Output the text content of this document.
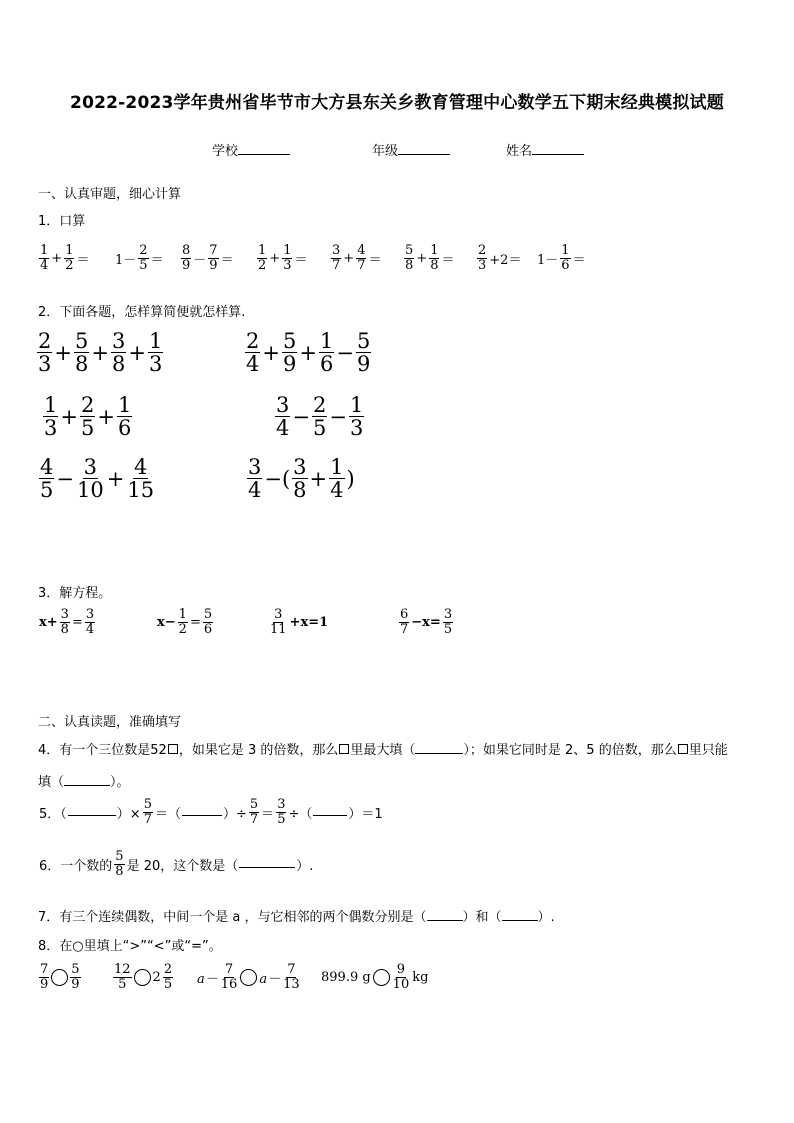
2022-2023学年贵州省毕节市大方县东关乡教育管理中心数学五下期末经典模拟试题
学校	年级	姓名
一、认真审题，细心计算
1．口算
$\frac{1}{4} + \frac{1}{2} = 1- \frac{2}{5} = \frac{8}{9} - \frac{7}{9} = \frac{1}{2} + \frac{1}{3} = \frac{3}{7} + \frac{4}{7} = \frac{5}{8} + \frac{1}{8} = \frac{2}{3} +2= 1- \frac{1}{6}$ ＝
2．下面各题，怎样算简便就怎样算.
$\frac{2}{3} + \frac{5}{8} + \frac{3}{8} + \frac{1}{3}$	$\frac{2}{4} + \frac{5}{9} + \frac{1}{6} - \frac{5}{9}$
$\frac{1}{3} + \frac{2}{5} + \frac{1}{6}$	$\frac{3}{4} - \frac{2}{5} - \frac{1}{3}$
$\frac{4}{5} - \frac{3}{10} + \frac{4}{15}$	$\frac{3}{4}$ −( $\frac{3}{8} + \frac{1}{4}$ )
3．解方程。
$x+ \frac{3}{8} = \frac{3}{4}$	$x- \frac{1}{2} = \frac{5}{6}$	$\frac{3}{11} +x=1$	$\frac{6}{7} -x= \frac{3}{5}$
二、认真读题，准确填写
4．有一个三位数是52 ，如果它是 3 的倍数，那么 里最大填（	）；如果它同时是 2、5 的倍数，那么 里只能
填（	）。
5．（	）× $\frac{5}{7}$ ＝（	）÷ $\frac{5}{7} = \frac{3}{5}$ ÷（	）＝1
6．一个数的 $\frac{5}{8}$ 是 20，这个数是（	）.
7．有三个连续偶数，中间一个是 a ，与它相邻的两个偶数分别是（	）和（	）.
8．在○里填上“>”“<”或“=”。
$\frac{7}{9} \frac{5}{9} \frac{12}{5} 2 \frac{2}{5} a- \frac{7}{16} a- \frac{7}{13} 899.9$ g $\frac{9}{10}$ kg
